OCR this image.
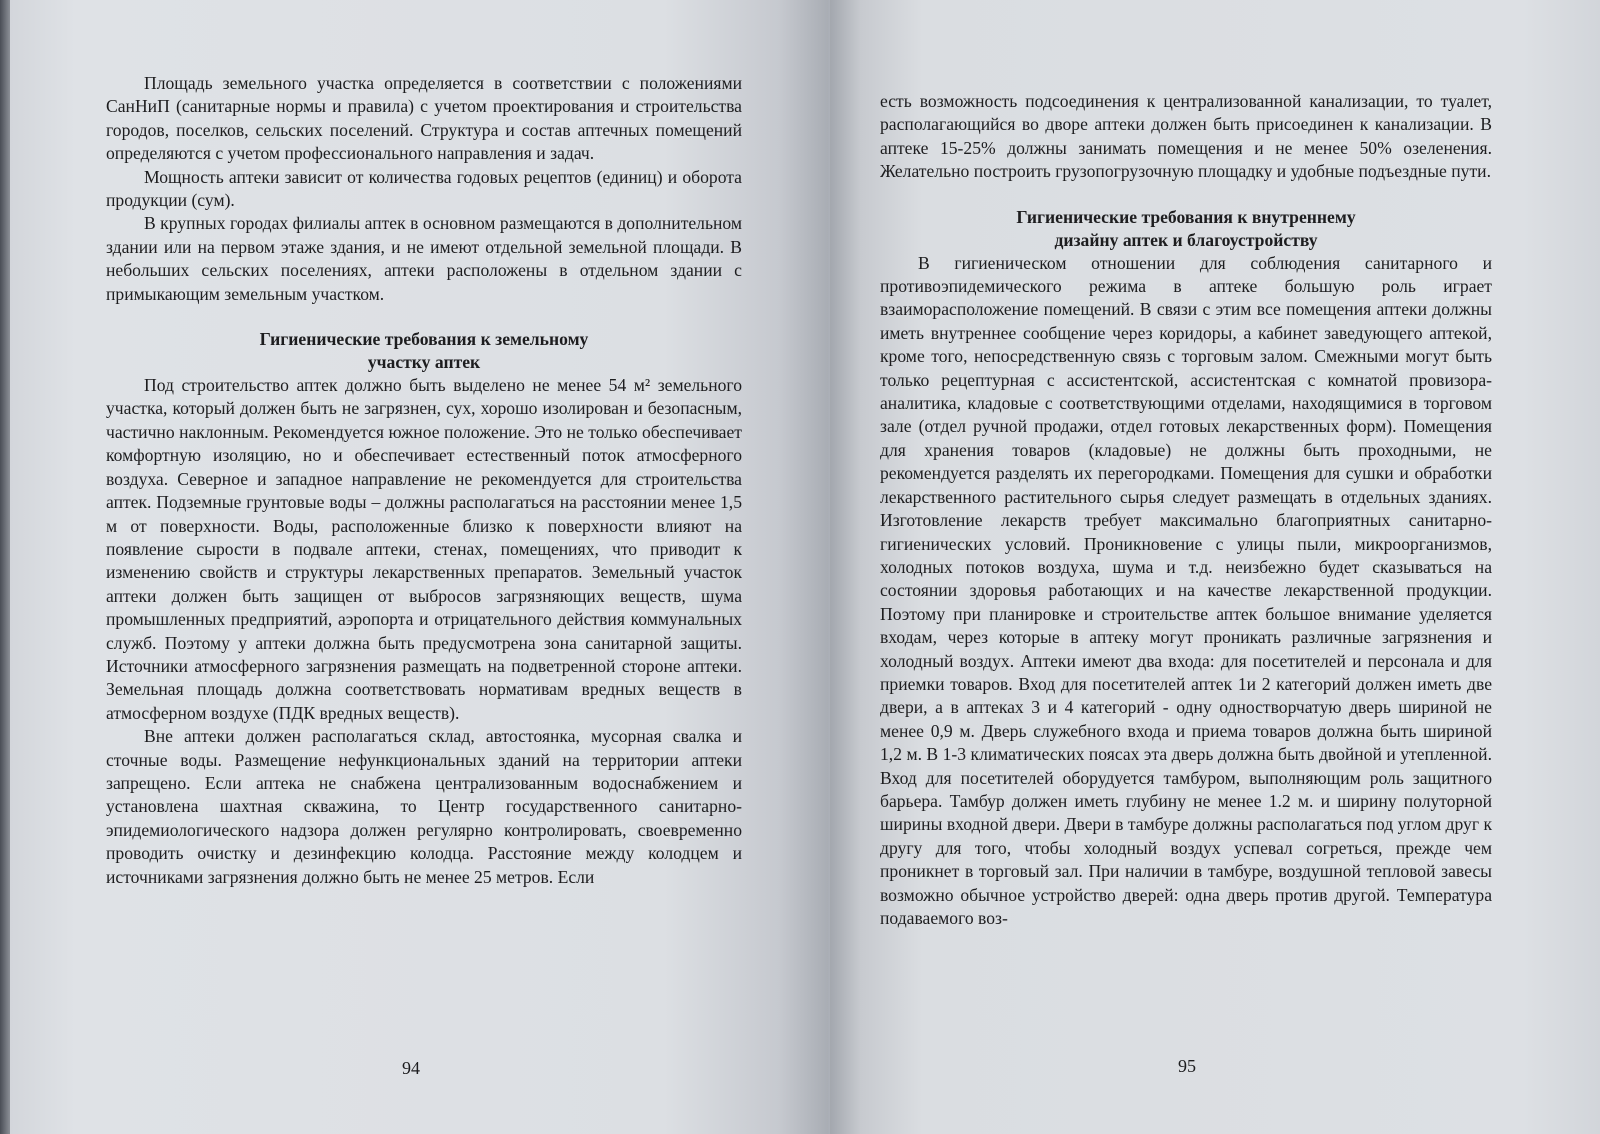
Площадь земельного участка определяется в соответствии с положениями СанНиП (санитарные нормы и правила) с учетом проектирования и строительства городов, поселков, сельских поселений. Структура и состав аптечных помещений определяются с учетом профессионального направления и задач.

Мощность аптеки зависит от количества годовых рецептов (единиц) и оборота продукции (сум).

В крупных городах филиалы аптек в основном размещаются в дополнительном здании или на первом этаже здания, и не имеют отдельной земельной площади. В небольших сельских поселениях, аптеки расположены в отдельном здании с примыкающим земельным участком.

Гигиенические требования к земельному
участку аптек

Под строительство аптек должно быть выделено не менее 54 м² земельного участка, который должен быть не загрязнен, сух, хорошо изолирован и безопасным, частично наклонным. Рекомендуется южное положение. Это не только обеспечивает комфортную изоляцию, но и обеспечивает естественный поток атмосферного воздуха. Северное и западное направление не рекомендуется для строительства аптек. Подземные грунтовые воды – должны располагаться на расстоянии менее 1,5 м от поверхности. Воды, расположенные близко к поверхности влияют на появление сырости в подвале аптеки, стенах, помещениях, что приводит к изменению свойств и структуры лекарственных препаратов. Земельный участок аптеки должен быть защищен от выбросов загрязняющих веществ, шума промышленных предприятий, аэропорта и отрицательного действия коммунальных служб. Поэтому у аптеки должна быть предусмотрена зона санитарной защиты. Источники атмосферного загрязнения размещать на подветренной стороне аптеки. Земельная площадь должна соответствовать нормативам вредных веществ в атмосферном воздухе (ПДК вредных веществ).

Вне аптеки должен располагаться склад, автостоянка, мусорная свалка и сточные воды. Размещение нефункциональных зданий на территории аптеки запрещено. Если аптека не снабжена централизованным водоснабжением и установлена шахтная скважина, то Центр государственного санитарно-эпидемиологического надзора должен регулярно контролировать, своевременно проводить очистку и дезинфекцию колодца. Расстояние между колодцем и источниками загрязнения должно быть не менее 25 метров. Если

94

есть возможность подсоединения к централизованной канализации, то туалет, располагающийся во дворе аптеки должен быть присоединен к канализации. В аптеке 15-25% должны занимать помещения и не менее 50% озеленения. Желательно построить грузопогрузочную площадку и удобные подъездные пути.

Гигиенические требования к внутреннему
дизайну аптек и благоустройству

В гигиеническом отношении для соблюдения санитарного и противоэпидемического режима в аптеке большую роль играет взаиморасположение помещений. В связи с этим все помещения аптеки должны иметь внутреннее сообщение через коридоры, а кабинет заведующего аптекой, кроме того, непосредственную связь с торговым залом. Смежными могут быть только рецептурная с ассистентской, ассистентская с комнатой провизора-аналитика, кладовые с соответствующими отделами, находящимися в торговом зале (отдел ручной продажи, отдел готовых лекарственных форм). Помещения для хранения товаров (кладовые) не должны быть проходными, не рекомендуется разделять их перегородками. Помещения для сушки и обработки лекарственного растительного сырья следует размещать в отдельных зданиях. Изготовление лекарств требует максимально благоприятных санитарно- гигиенических условий. Проникновение с улицы пыли, микроорганизмов, холодных потоков воздуха, шума и т.д. неизбежно будет сказываться на состоянии здоровья работающих и на качестве лекарственной продукции. Поэтому при планировке и строительстве аптек большое внимание уделяется входам, через которые в аптеку могут проникать различные загрязнения и холодный воздух. Аптеки имеют два входа: для посетителей и персонала и для приемки товаров. Вход для посетителей аптек 1и 2 категорий должен иметь две двери, а в аптеках 3 и 4 категорий - одну одностворчатую дверь шириной не менее 0,9 м. Дверь служебного входа и приема товаров должна быть шириной 1,2 м. В 1-3 климатических поясах эта дверь должна быть двойной и утепленной. Вход для посетителей оборудуется тамбуром, выполняющим роль защитного барьера. Тамбур должен иметь глубину не менее 1.2 м. и ширину полуторной ширины входной двери. Двери в тамбуре должны располагаться под углом друг к другу для того, чтобы холодный воздух успевал согреться, прежде чем проникнет в торговый зал. При наличии в тамбуре, воздушной тепловой завесы возможно обычное устройство дверей: одна дверь против другой. Температура подаваемого воз-

95
